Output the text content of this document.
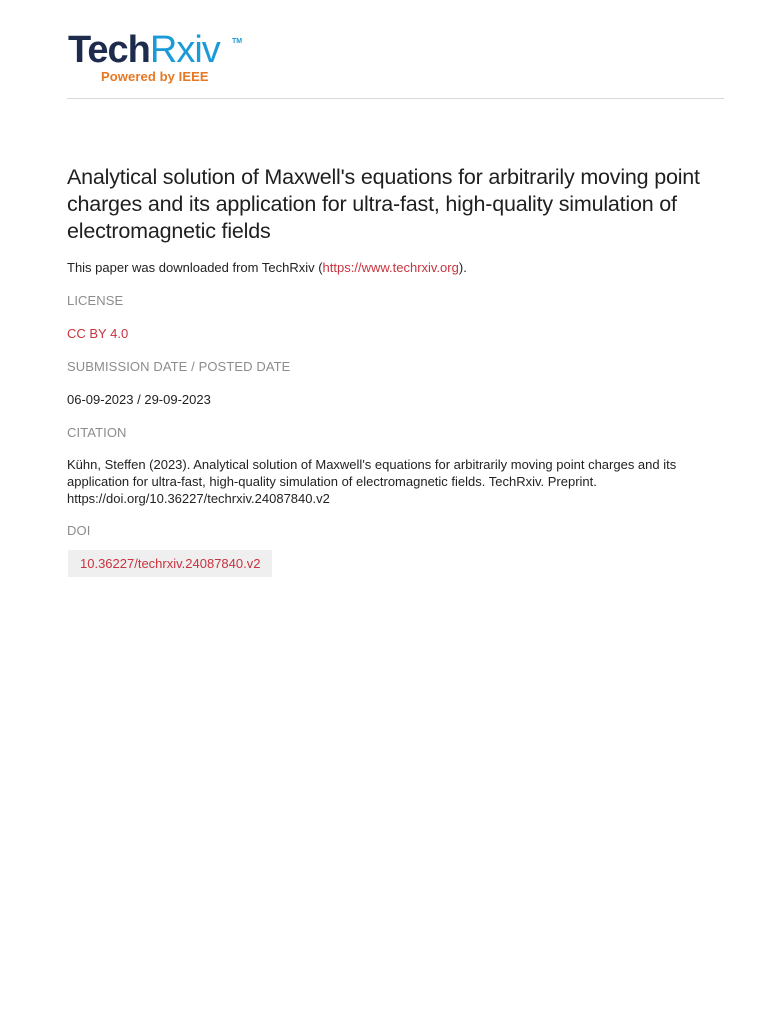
TechRxiv TM
Powered by IEEE
Analytical solution of Maxwell's equations for arbitrarily moving point charges and its application for ultra-fast, high-quality simulation of electromagnetic fields
This paper was downloaded from TechRxiv (https://www.techrxiv.org).
LICENSE
CC BY 4.0
SUBMISSION DATE / POSTED DATE
06-09-2023 / 29-09-2023
CITATION
Kühn, Steffen (2023). Analytical solution of Maxwell's equations for arbitrarily moving point charges and its application for ultra-fast, high-quality simulation of electromagnetic fields. TechRxiv. Preprint. https://doi.org/10.36227/techrxiv.24087840.v2
DOI
10.36227/techrxiv.24087840.v2
